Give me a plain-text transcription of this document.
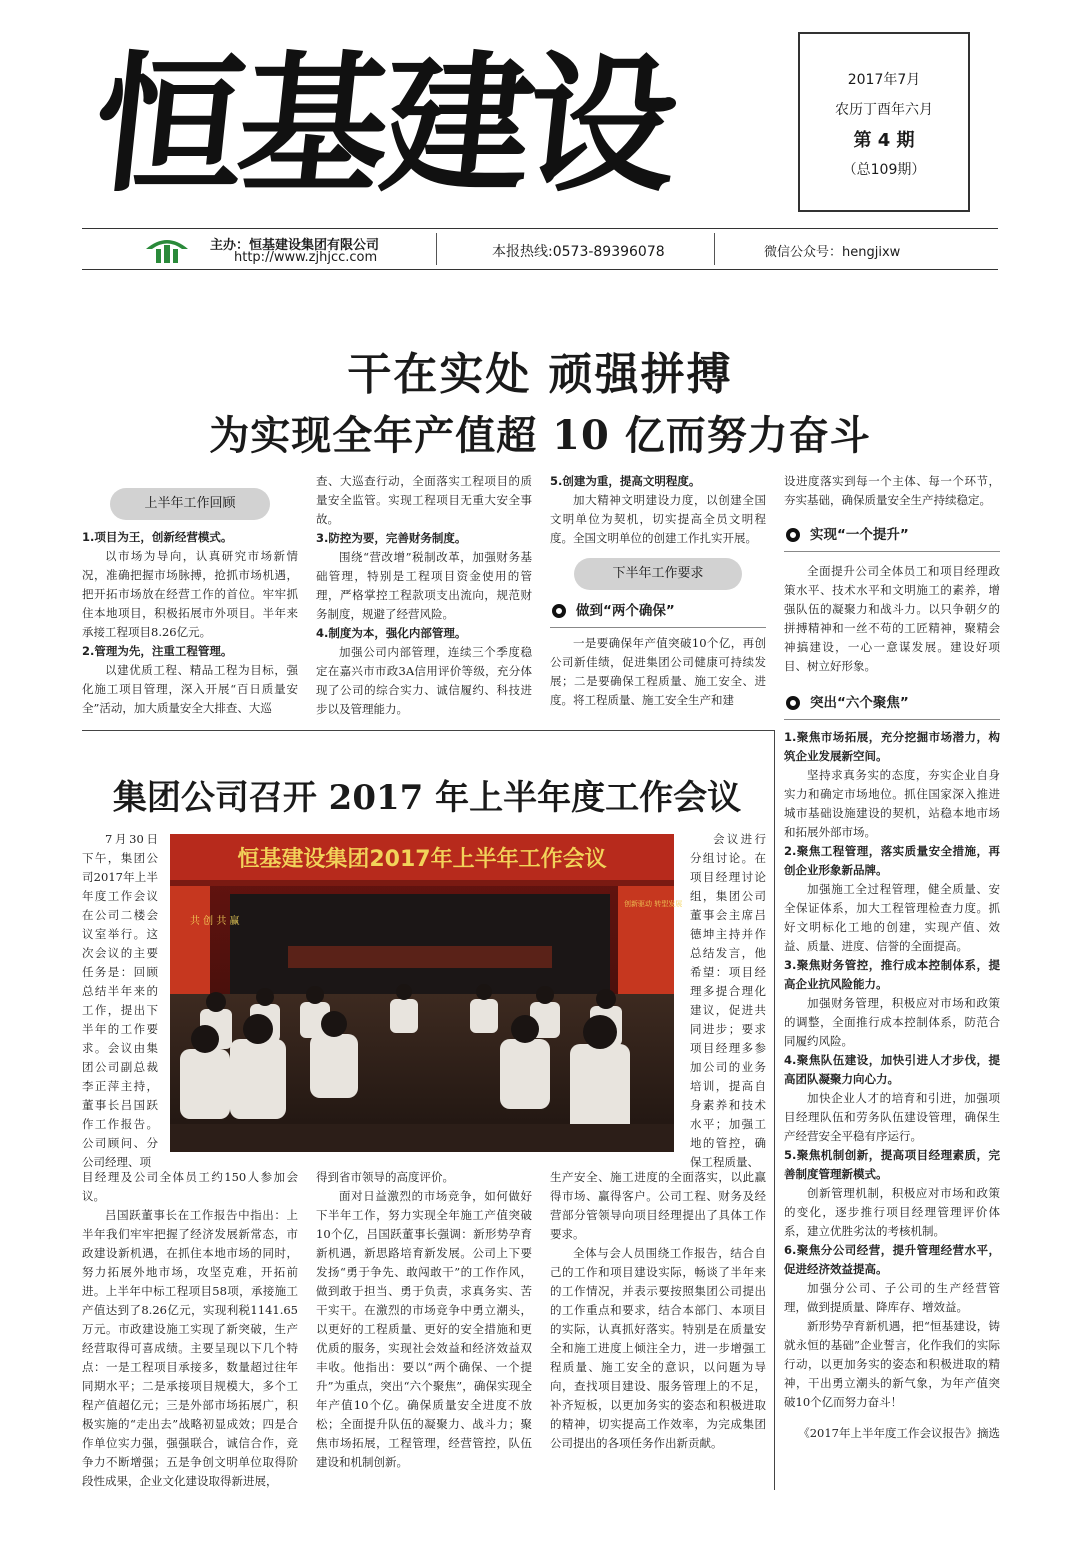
恒基建设	2017年7月
农历丁酉年六月
第 4 期
（总109期）
主办：恒基建设集团有限公司
http://www.zjhjcc.com	本报热线:0573-89396078	微信公众号：hengjixw
干在实处 顽强拼搏
为实现全年产值超 10 亿而努力奋斗
上半年工作回顾

1.项目为王，创新经营模式。

以市场为导向，认真研究市场新情况，准确把握市场脉搏，抢抓市场机遇，把开拓市场放在经营工作的首位。牢牢抓住本地项目，积极拓展市外项目。半年来承接工程项目8.26亿元。

2.管理为先，注重工程管理。

以建优质工程、精品工程为目标，强化施工项目管理，深入开展“百日质量安全”活动，加大质量安全大排查、大巡

查、大巡查行动，全面落实工程项目的质量安全监管。实现工程项目无重大安全事故。

3.防控为要，完善财务制度。

围绕“营改增”税制改革，加强财务基础管理，特别是工程项目资金使用的管理，严格掌控工程款项支出流向，规范财务制度，规避了经营风险。

4.制度为本，强化内部管理。

加强公司内部管理，连续三个季度稳定在嘉兴市市政3A信用评价等级，充分体现了公司的综合实力、诚信履约、科技进步以及管理能力。

5.创建为重，提高文明程度。

加大精神文明建设力度，以创建全国文明单位为契机，切实提高全员文明程度。全国文明单位的创建工作扎实开展。

下半年工作要求
做到“两个确保”

一是要确保年产值突破10个亿，再创公司新佳绩，促进集团公司健康可持续发展；二是要确保工程质量、施工安全、进度。将工程质量、施工安全生产和建

设进度落实到每一个主体、每一个环节，夯实基础，确保质量安全生产持续稳定。

实现“一个提升”

全面提升公司全体员工和项目经理政策水平、技术水平和文明施工的素养，增强队伍的凝聚力和战斗力。以只争朝夕的拼搏精神和一丝不苟的工匠精神，聚精会神搞建设，一心一意谋发展。建设好项目、树立好形象。

突出“六个聚焦”

1.聚焦市场拓展，充分挖掘市场潜力，构筑企业发展新空间。

坚持求真务实的态度，夯实企业自身实力和确定市场地位。抓住国家深入推进城市基础设施建设的契机，站稳本地市场和拓展外部市场。

2.聚焦工程管理，落实质量安全措施，再创企业形象新品牌。

加强施工全过程管理，健全质量、安全保证体系，加大工程管理检查力度。抓好文明标化工地的创建，实现产值、效益、质量、进度、信誉的全面提高。

3.聚焦财务管控，推行成本控制体系，提高企业抗风险能力。

加强财务管理，积极应对市场和政策的调整，全面推行成本控制体系，防范合同履约风险。

4.聚焦队伍建设，加快引进人才步伐，提高团队凝聚力向心力。

加快企业人才的培育和引进，加强项目经理队伍和劳务队伍建设管理，确保生产经营安全平稳有序运行。

5.聚焦机制创新，提高项目经理素质，完善制度管理新模式。

创新管理机制，积极应对市场和政策的变化，逐步推行项目经理管理评价体系，建立优胜劣汰的考核机制。

6.聚焦分公司经营，提升管理经营水平，促进经济效益提高。

加强分公司、子公司的生产经营管理，做到提质量、降库存、增效益。

新形势孕育新机遇，把“恒基建设，铸就永恒的基础”企业誓言，化作我们的实际行动，以更加务实的姿态和积极进取的精神，干出勇立潮头的新气象，为年产值突破10个亿而努力奋斗！

《2017年上半年度工作会议报告》摘选
集团公司召开 2017 年上半年度工作会议
恒基建设集团2017年上半年工作会议
共 创 共 赢
创新驱动 转型发展

7月30日下午，集团公司2017年上半年度工作会议在公司二楼会议室举行。这次会议的主要任务是：回顾总结半年来的工作，提出下半年的工作要求。会议由集团公司副总裁李正萍主持，董事长吕国跃作工作报告。公司顾问、分公司经理、项

目经理及公司全体员工约150人参加会议。

吕国跃董事长在工作报告中指出：上半年我们牢牢把握了经济发展新常态，市政建设新机遇，在抓住本地市场的同时，努力拓展外地市场，攻坚克难，开拓前进。上半年中标工程项目58项，承接施工产值达到了8.26亿元，实现利税1141.65万元。市政建设施工实现了新突破，生产经营取得可喜成绩。主要呈现以下几个特点：一是工程项目承接多，数量超过往年同期水平；二是承接项目规模大，多个工程产值超亿元；三是外部市场拓展广，积极实施的“走出去”战略初显成效；四是合作单位实力强，强强联合，诚信合作，竞争力不断增强；五是争创文明单位取得阶段性成果，企业文化建设取得新进展，

得到省市领导的高度评价。

面对日益激烈的市场竞争，如何做好下半年工作，努力实现全年施工产值突破10个亿，吕国跃董事长强调：新形势孕育新机遇，新思路培育新发展。公司上下要发扬“勇于争先、敢闯敢干”的工作作风，做到敢于担当、勇于负责，求真务实、苦干实干。在激烈的市场竞争中勇立潮头，以更好的工程质量、更好的安全措施和更优质的服务，实现社会效益和经济效益双丰收。他指出：要以“两个确保、一个提升”为重点，突出“六个聚焦”，确保实现全年产值10个亿。确保质量安全进度不放松；全面提升队伍的凝聚力、战斗力；聚焦市场拓展，工程管理，经营管控，队伍建设和机制创新。

会议进行分组讨论。在项目经理讨论组，集团公司董事会主席吕德坤主持并作总结发言，他希望：项目经理多提合理化建议，促进共同进步；要求项目经理多参加公司的业务培训，提高自身素养和技术水平；加强工地的管控，确保工程质量、

生产安全、施工进度的全面落实，以此赢得市场、赢得客户。公司工程、财务及经营部分管领导向项目经理提出了具体工作要求。

全体与会人员围绕工作报告，结合自己的工作和项目建设实际，畅谈了半年来的工作情况，并表示要按照集团公司提出的工作重点和要求，结合本部门、本项目的实际，认真抓好落实。特别是在质量安全和施工进度上倾注全力，进一步增强工程质量、施工安全的意识，以问题为导向，查找项目建设、服务管理上的不足，补齐短板，以更加务实的姿态和积极进取的精神，切实提高工作效率，为完成集团公司提出的各项任务作出新贡献。
